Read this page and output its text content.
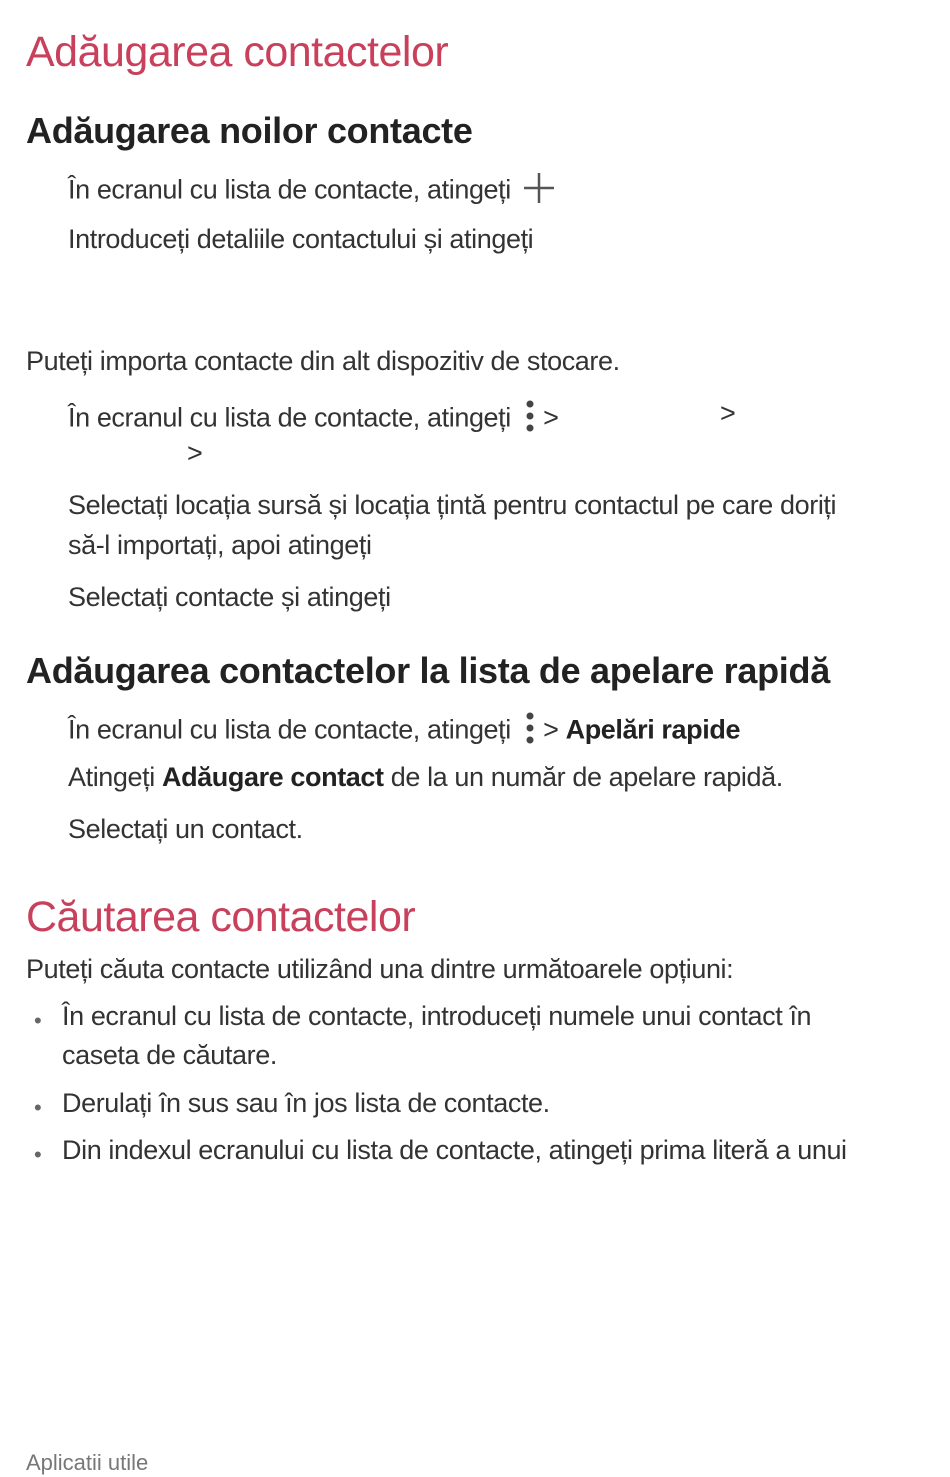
Adăugarea contactelor
Adăugarea noilor contacte
În ecranul cu lista de contacte, atingeți
Introduceți detaliile contactului și atingeți
Puteți importa contacte din alt dispozitiv de stocare.
În ecranul cu lista de contacte, atingeți >	>
>
Selectați locația sursă și locația țintă pentru contactul pe care doriți
să-l importați, apoi atingeți
Selectați contacte și atingeți
Adăugarea contactelor la lista de apelare rapidă
În ecranul cu lista de contacte, atingeți > Apelări rapide
Atingeți Adăugare contact de la un număr de apelare rapidă.
Selectați un contact.
Căutarea contactelor
Puteți căuta contacte utilizând una dintre următoarele opțiuni:
• În ecranul cu lista de contacte, introduceți numele unui contact în
caseta de căutare.
• Derulați în sus sau în jos lista de contacte.
• Din indexul ecranului cu lista de contacte, atingeți prima literă a unui
Aplicatii utile
